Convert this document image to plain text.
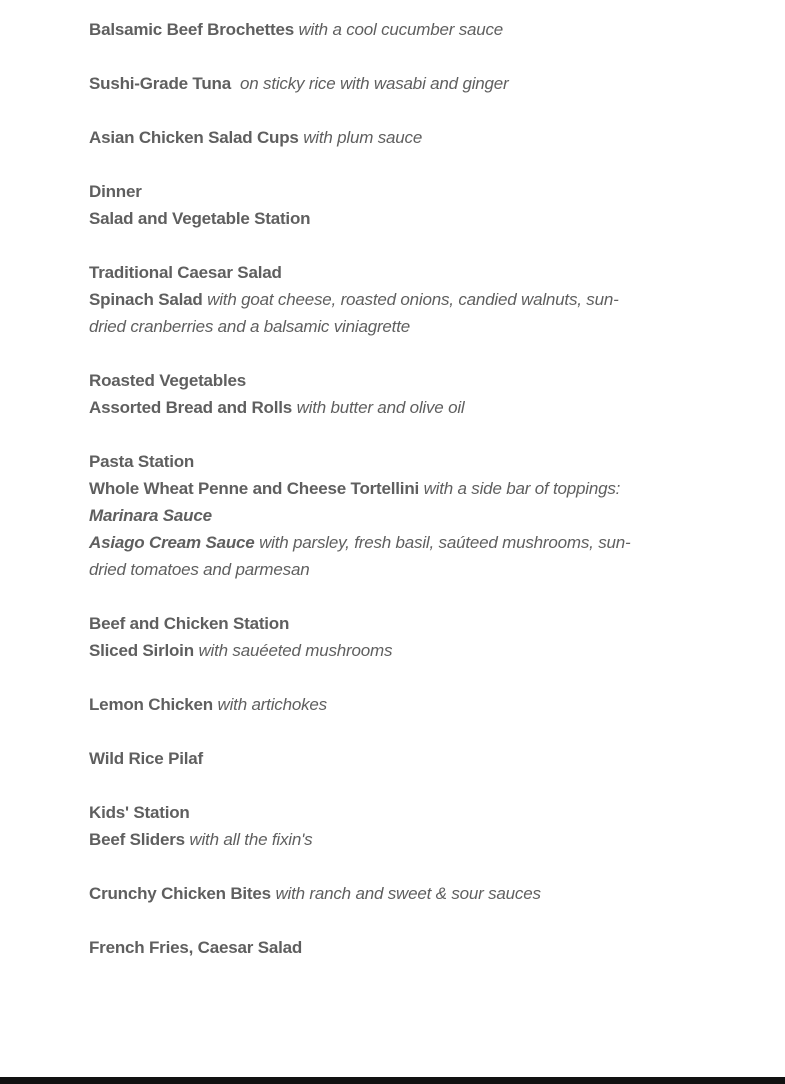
Balsamic Beef Brochettes with a cool cucumber sauce

Sushi-Grade Tuna on sticky rice with wasabi and ginger

Asian Chicken Salad Cups with plum sauce

Dinner

Salad and Vegetable Station

Traditional Caesar Salad

Spinach Salad with goat cheese, roasted onions, candied walnuts, sun-dried cranberries and a balsamic viniagrette

Roasted Vegetables

Assorted Bread and Rolls with butter and olive oil

Pasta Station

Whole Wheat Penne and Cheese Tortellini with a side bar of toppings:

Marinara Sauce

Asiago Cream Sauce with parsley, fresh basil, saúteed mushrooms, sun-dried tomatoes and parmesan

Beef and Chicken Station

Sliced Sirloin with sauéeted mushrooms

Lemon Chicken with artichokes

Wild Rice Pilaf

Kids' Station

Beef Sliders with all the fixin's

Crunchy Chicken Bites with ranch and sweet & sour sauces

French Fries, Caesar Salad
